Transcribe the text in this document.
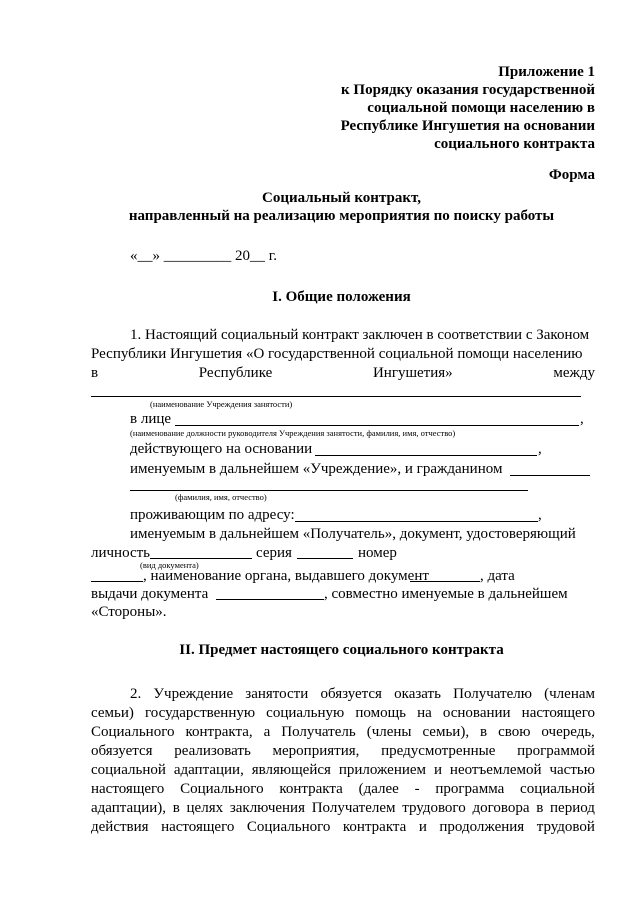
Приложение 1
к Порядку оказания государственной
социальной помощи населению в
Республике Ингушетия на основании
социального контракта
Форма
Социальный контракт,
направленный на реализацию мероприятия по поиску работы
«__» _________ 20__ г.
I. Общие положения
1. Настоящий социальный контракт заключен в соответствии с Законом
Республики Ингушетия «О государственной социальной помощи населению
в	Республике	Ингушетия»	между
(наименование Учреждения занятости)
в лице	,
(наименование должности руководителя Учреждения занятости, фамилия, имя, отчество)
действующего на основании	,
именуемым в дальнейшем «Учреждение», и гражданином
(фамилия, имя, отчество)
проживающим по адресу:	,
именуемым в дальнейшем «Получатель», документ, удостоверяющий
личность	серия	номер
(вид документа)
, наименование органа, выдавшего документ	, дата
выдачи документа	, совместно именуемые в дальнейшем
«Стороны».
II. Предмет настоящего социального контракта
2. Учреждение занятости обязуется оказать Получателю (членам
семьи) государственную социальную помощь на основании настоящего
Социального контракта, а Получатель (члены семьи), в свою очередь,
обязуется реализовать мероприятия, предусмотренные программой
социальной адаптации, являющейся приложением и неотъемлемой частью
настоящего Социального контракта (далее - программа социальной
адаптации), в целях заключения Получателем трудового договора в период
действия настоящего Социального контракта и продолжения трудовой
